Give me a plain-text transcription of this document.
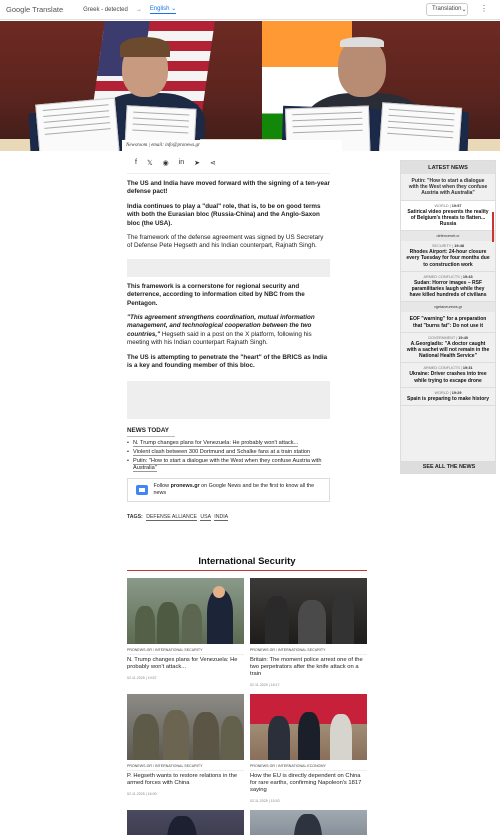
Google Translate	Greek - detected → English ⌄	Translation ⌄ ⋮
Newsroom | email: info@pronews.gr
f 𝕏 ◉ in ➤ ⋖

The US and India have moved forward with the signing of a ten-year defense pact!

India continues to play a "dual" role, that is, to be on good terms with both the Eurasian bloc (Russia-China) and the Anglo-Saxon bloc (the USA).

The framework of the defense agreement was signed by US Secretary of Defense Pete Hegseth and his Indian counterpart, Rajnath Singh.

This framework is a cornerstone for regional security and deterrence, according to information cited by NBC from the Pentagon.

"This agreement strengthens coordination, mutual information management, and technological cooperation between the two countries," Hegseth said in a post on the X platform, following his meeting with his Indian counterpart Rajnath Singh.

The US is attempting to penetrate the "heart" of the BRICS as India is a key and founding member of this bloc.

NEWS TODAY
• N. Trump changes plans for Venezuela: He probably won't attack...
• Violent clash between 300 Dortmund and Schalke fans at a train station
• Putin: "How to start a dialogue with the West when they confuse Austria with Australia"
Follow pronews.gr on Google News and be the first to know all the news
TAGS: DEFENSE ALLIANCE USA INDIA
LATEST NEWS
Putin: "How to start a dialogue with the West when they confuse Austria with Australia"
WORLD | 19:57
Satirical video presents the reality of Belgium's threats to flatten... Russia
defencenet.cr
SECURITY | 19:48
Rhodes Airport: 24-hour closure every Tuesday for four months due to construction work
ARMED CONFLICTS | 19:43
Sudan: Horror images – RSF paramilitaries laugh while they have killed hundreds of civilians
vgetaneurews.gr
EOF "warning" for a preparation that "burns fat": Do not use it
GOVERNMENT | 19:40
A.Georgiadis: "A doctor caught with a sachet will not remain in the National Health Service"
ARMED CONFLICTS | 19:31
Ukraine: Driver crashes into tree while trying to escape drone
WORLD | 19:29
Spain is preparing to make history
SEE ALL THE NEWS
International Security
PRONEWS.GR / INTERNATIONAL SECURITY
N. Trump changes plans for Venezuela: He probably won't attack...
02.11.2025 | 19:57
PRONEWS.GR / INTERNATIONAL SECURITY
Britain: The moment police arrest one of the two perpetrators after the knife attack on a train
02.11.2025 | 18:17
PRONEWS.GR / INTERNATIONAL SECURITY
P. Hegseth wants to restore relations in the armed forces with China
02.11.2025 | 16:00
PRONEWS.GR / INTERNATIONAL ECONOMY
How the EU is directly dependent on China for rare earths, confirming Napoleon's 1817 saying
02.11.2025 | 15:53
